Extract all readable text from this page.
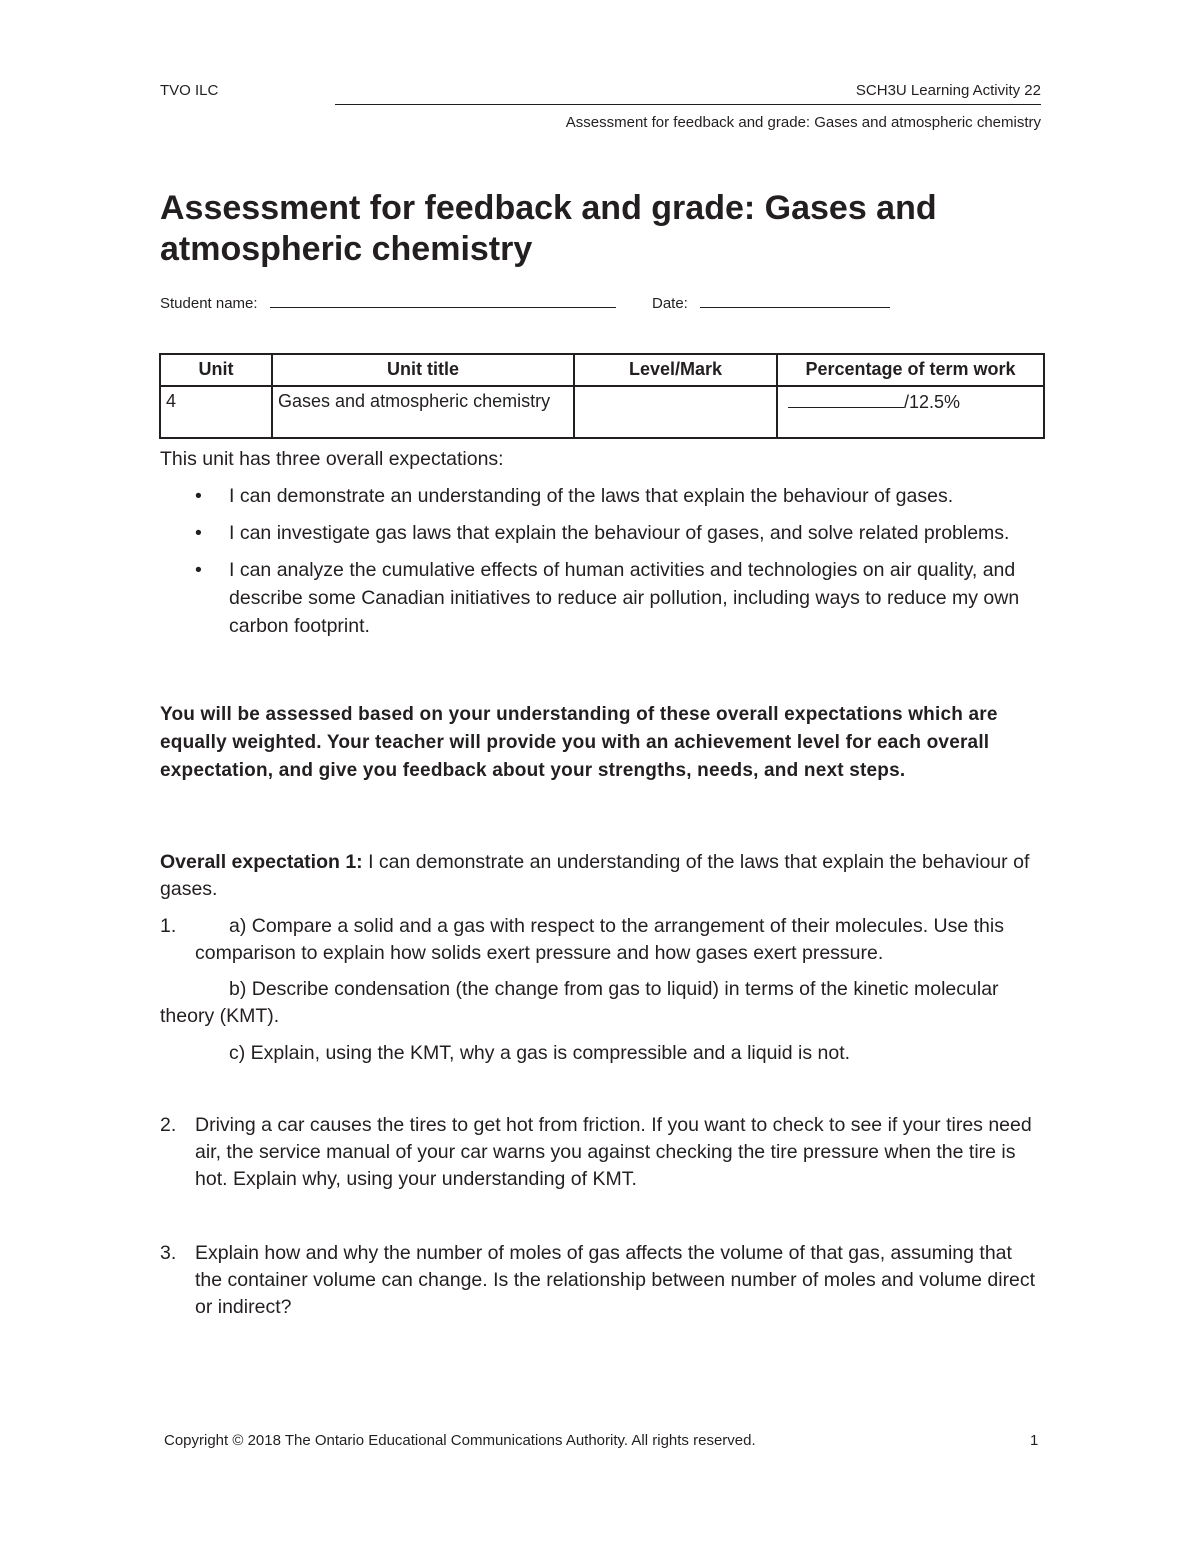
TVO ILC	SCH3U Learning Activity 22
Assessment for feedback and grade: Gases and atmospheric chemistry
Assessment for feedback and grade: Gases and atmospheric chemistry
Student name:	Date:
Unit	Unit title	Level/Mark	Percentage of term work
4	Gases and atmospheric chemistry		/12.5%
This unit has three overall expectations:
• I can demonstrate an understanding of the laws that explain the behaviour of gases.
• I can investigate gas laws that explain the behaviour of gases, and solve related problems.
• I can analyze the cumulative effects of human activities and technologies on air quality, and describe some Canadian initiatives to reduce air pollution, including ways to reduce my own carbon footprint.
You will be assessed based on your understanding of these overall expectations which are equally weighted. Your teacher will provide you with an achievement level for each overall expectation, and give you feedback about your strengths, needs, and next steps.
Overall expectation 1: I can demonstrate an understanding of the laws that explain the behaviour of gases.
1.	a) Compare a solid and a gas with respect to the arrangement of their molecules. Use this comparison to explain how solids exert pressure and how gases exert pressure.
b) Describe condensation (the change from gas to liquid) in terms of the kinetic molecular theory (KMT).
c) Explain, using the KMT, why a gas is compressible and a liquid is not.
2. Driving a car causes the tires to get hot from friction. If you want to check to see if your tires need air, the service manual of your car warns you against checking the tire pressure when the tire is hot. Explain why, using your understanding of KMT.
3. Explain how and why the number of moles of gas affects the volume of that gas, assuming that the container volume can change. Is the relationship between number of moles and volume direct or indirect?
Copyright © 2018 The Ontario Educational Communications Authority. All rights reserved.	1
